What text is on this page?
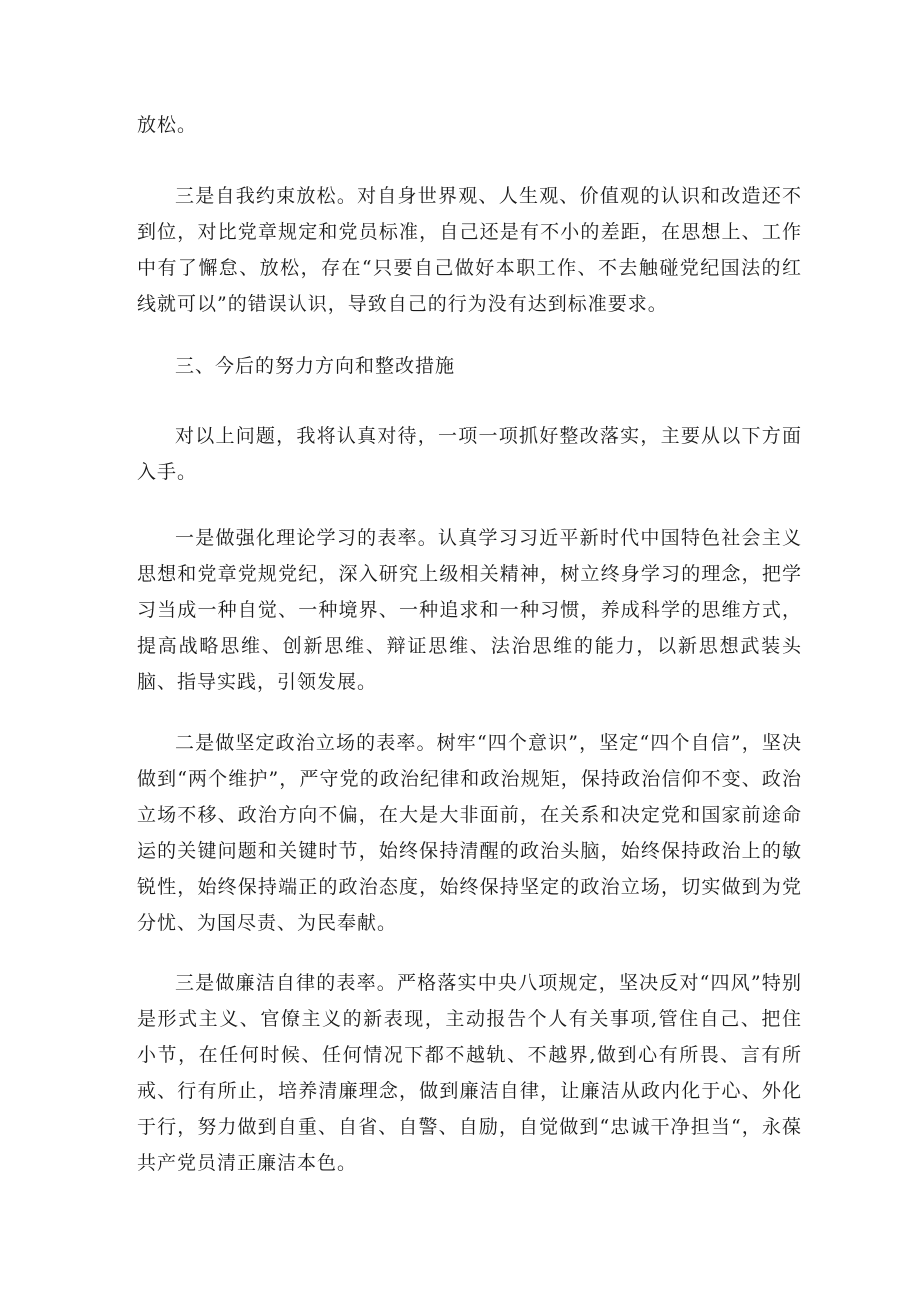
放松。

三是自我约束放松。对自身世界观、人生观、价值观的认识和改造还不到位，对比党章规定和党员标准，自己还是有不小的差距，在思想上、工作中有了懈怠、放松，存在“只要自己做好本职工作、不去触碰党纪国法的红线就可以”的错误认识，导致自己的行为没有达到标准要求。

三、今后的努力方向和整改措施

对以上问题，我将认真对待，一项一项抓好整改落实，主要从以下方面入手。

一是做强化理论学习的表率。认真学习习近平新时代中国特色社会主义思想和党章党规党纪，深入研究上级相关精神，树立终身学习的理念，把学习当成一种自觉、一种境界、一种追求和一种习惯，养成科学的思维方式，提高战略思维、创新思维、辩证思维、法治思维的能力，以新思想武装头脑、指导实践，引领发展。

二是做坚定政治立场的表率。树牢“四个意识”，坚定“四个自信”，坚决做到“两个维护”，严守党的政治纪律和政治规矩，保持政治信仰不变、政治立场不移、政治方向不偏，在大是大非面前，在关系和决定党和国家前途命运的关键问题和关键时节，始终保持清醒的政治头脑，始终保持政治上的敏锐性，始终保持端正的政治态度，始终保持坚定的政治立场，切实做到为党分忧、为国尽责、为民奉献。

三是做廉洁自律的表率。严格落实中央八项规定，坚决反对“四风”特别是形式主义、官僚主义的新表现，主动报告个人有关事项,管住自己、把住小节，在任何时候、任何情况下都不越轨、不越界,做到心有所畏、言有所戒、行有所止，培养清廉理念，做到廉洁自律，让廉洁从政内化于心、外化于行，努力做到自重、自省、自警、自励，自觉做到“忠诚干净担当“，永葆共产党员清正廉洁本色。
